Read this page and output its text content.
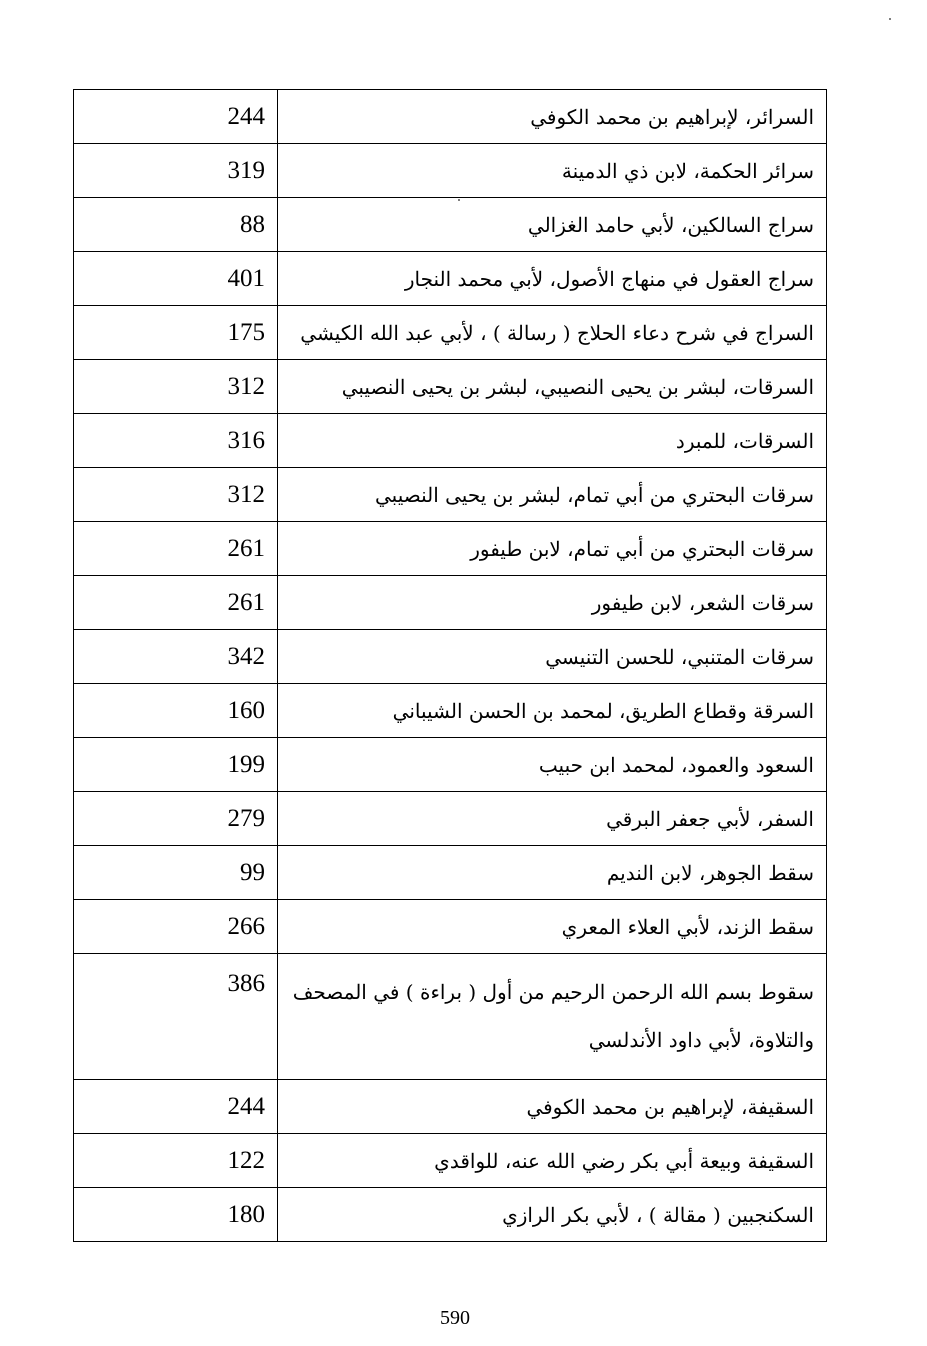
244	السرائر، لإبراهيم بن محمد الكوفي
319	سرائر الحكمة، لابن ذي الدمينة
88	سراج السالكين، لأبي حامد الغزالي
401	سراج العقول في منهاج الأصول، لأبي محمد النجار
175	السراج في شرح دعاء الحلاج ( رسالة ) ، لأبي عبد الله الكيشي
312	السرقات، لبشر بن يحيى النصيبي، لبشر بن يحيى النصيبي
316	السرقات، للمبرد
312	سرقات البحتري من أبي تمام، لبشر بن يحيى النصيبي
261	سرقات البحتري من أبي تمام، لابن طيفور
261	سرقات الشعر، لابن طيفور
342	سرقات المتنبي، للحسن التنيسي
160	السرقة وقطاع الطريق، لمحمد بن الحسن الشيباني
199	السعود والعمود، لمحمد ابن حبيب
279	السفر، لأبي جعفر البرقي
99	سقط الجوهر، لابن النديم
266	سقط الزند، لأبي العلاء المعري
386	سقوط بسم الله الرحمن الرحيم من أول ( براءة ) في المصحف والتلاوة، لأبي داود الأندلسي
244	السقيفة، لإبراهيم بن محمد الكوفي
122	السقيفة وبيعة أبي بكر رضي الله عنه، للواقدي
180	السكنجبين ( مقالة ) ، لأبي بكر الرازي
590
